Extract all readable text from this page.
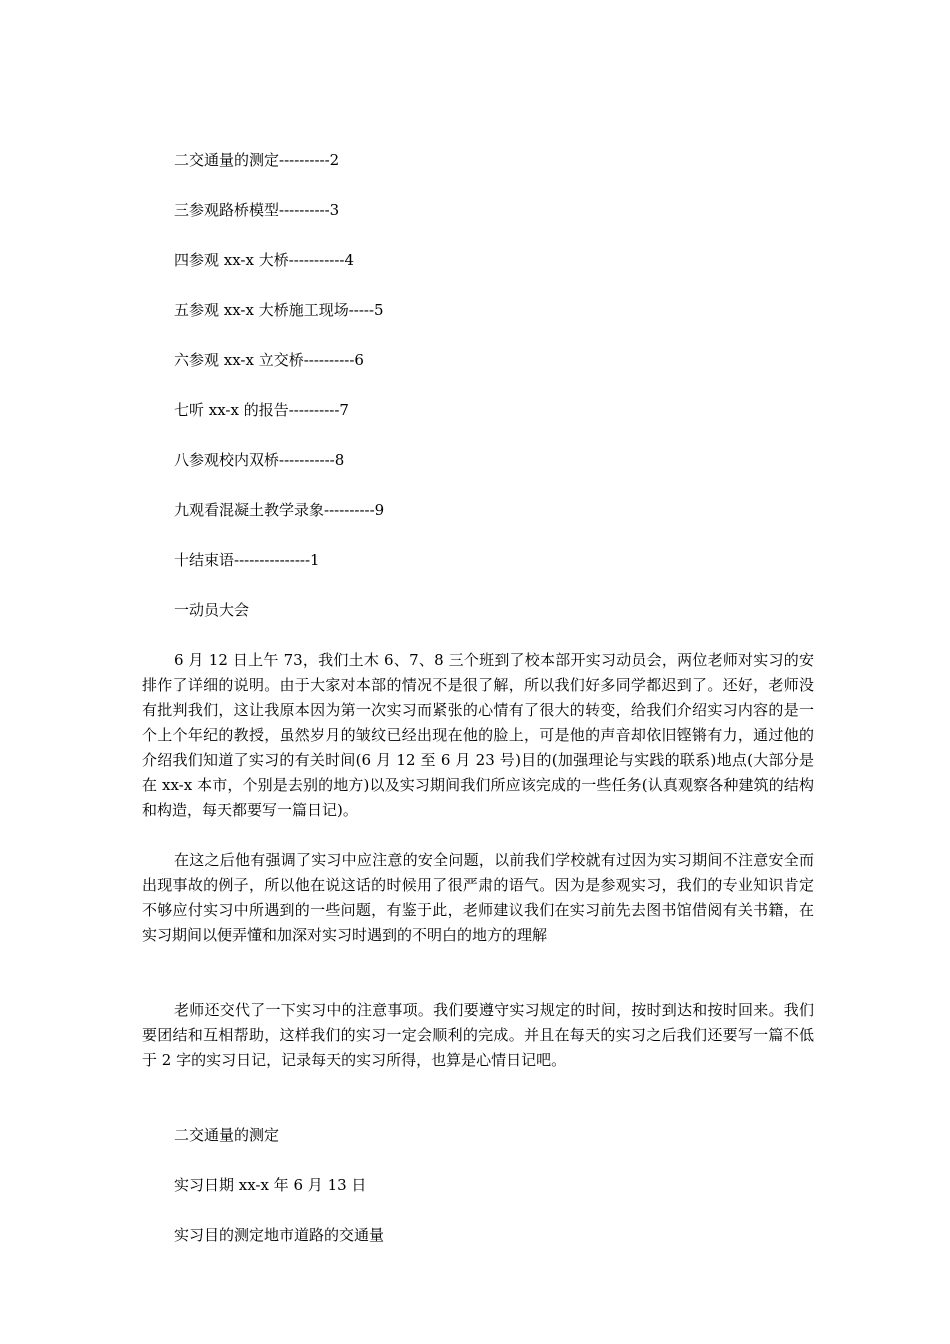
二交通量的测定----------2
三参观路桥模型----------3
四参观 xx-x 大桥-----------4
五参观 xx-x 大桥施工现场-----5
六参观 xx-x 立交桥----------6
七听 xx-x 的报告----------7
八参观校内双桥-----------8
九观看混凝土教学录象----------9
十结束语---------------1
一动员大会
6 月 12 日上午 73，我们土木 6、7、8 三个班到了校本部开实习动员会，两位老师对实习的安排作了详细的说明。由于大家对本部的情况不是很了解，所以我们好多同学都迟到了。还好，老师没有批判我们，这让我原本因为第一次实习而紧张的心情有了很大的转变，给我们介绍实习内容的是一个上个年纪的教授，虽然岁月的皱纹已经出现在他的脸上，可是他的声音却依旧铿锵有力，通过他的介绍我们知道了实习的有关时间(6 月 12 至 6 月 23 号)目的(加强理论与实践的联系)地点(大部分是在 xx-x 本市，个别是去别的地方)以及实习期间我们所应该完成的一些任务(认真观察各种建筑的结构和构造，每天都要写一篇日记)。
在这之后他有强调了实习中应注意的安全问题，以前我们学校就有过因为实习期间不注意安全而出现事故的例子，所以他在说这话的时候用了很严肃的语气。因为是参观实习，我们的专业知识肯定不够应付实习中所遇到的一些问题，有鉴于此，老师建议我们在实习前先去图书馆借阅有关书籍，在实习期间以便弄懂和加深对实习时遇到的不明白的地方的理解
老师还交代了一下实习中的注意事项。我们要遵守实习规定的时间，按时到达和按时回来。我们要团结和互相帮助，这样我们的实习一定会顺利的完成。并且在每天的实习之后我们还要写一篇不低于 2 字的实习日记，记录每天的实习所得，也算是心情日记吧。
二交通量的测定
实习日期 xx-x 年 6 月 13 日
实习目的测定地市道路的交通量
